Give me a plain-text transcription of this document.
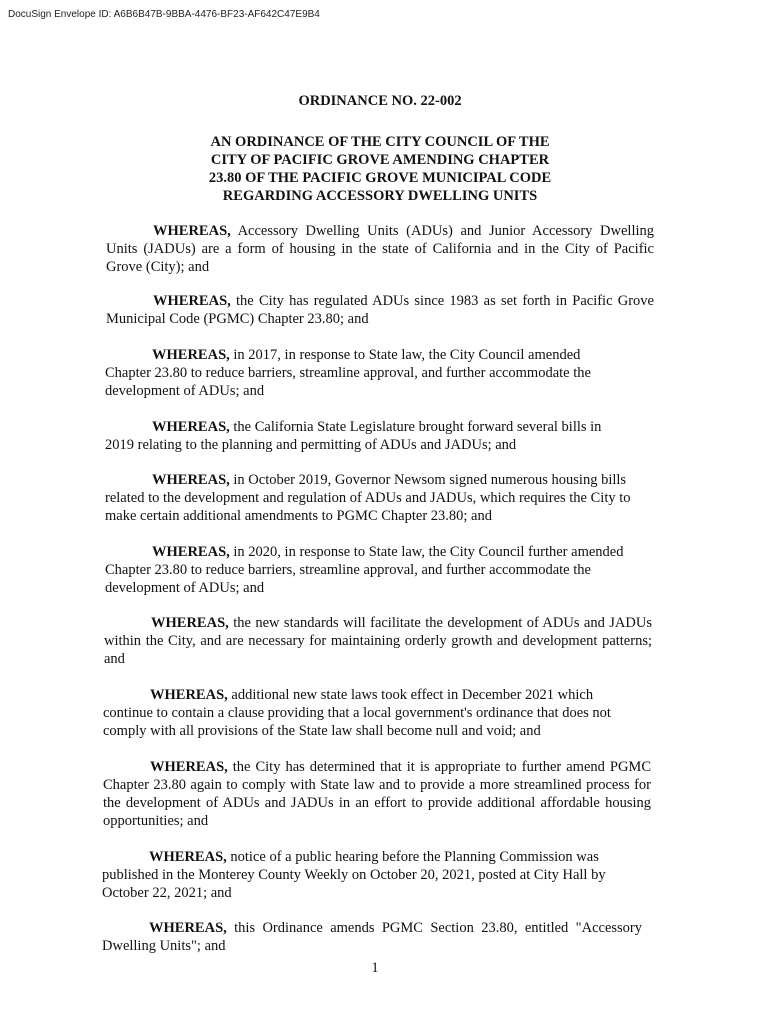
DocuSign Envelope ID: A6B6B47B-9BBA-4476-BF23-AF642C47E9B4
ORDINANCE NO. 22-002
AN ORDINANCE OF THE CITY COUNCIL OF THE
CITY OF PACIFIC GROVE AMENDING CHAPTER
23.80 OF THE PACIFIC GROVE MUNICIPAL CODE
REGARDING ACCESSORY DWELLING UNITS
WHEREAS, Accessory Dwelling Units (ADUs) and Junior Accessory Dwelling Units (JADUs) are a form of housing in the state of California and in the City of Pacific Grove (City); and
WHEREAS, the City has regulated ADUs since 1983 as set forth in Pacific Grove Municipal Code (PGMC) Chapter 23.80; and
WHEREAS, in 2017, in response to State law, the City Council amended Chapter 23.80 to reduce barriers, streamline approval, and further accommodate the development of ADUs; and
WHEREAS, the California State Legislature brought forward several bills in 2019 relating to the planning and permitting of ADUs and JADUs; and
WHEREAS, in October 2019, Governor Newsom signed numerous housing bills related to the development and regulation of ADUs and JADUs, which requires the City to make certain additional amendments to PGMC Chapter 23.80; and
WHEREAS, in 2020, in response to State law, the City Council further amended Chapter 23.80 to reduce barriers, streamline approval, and further accommodate the development of ADUs; and
WHEREAS, the new standards will facilitate the development of ADUs and JADUs within the City, and are necessary for maintaining orderly growth and development patterns; and
WHEREAS, additional new state laws took effect in December 2021 which continue to contain a clause providing that a local government's ordinance that does not comply with all provisions of the State law shall become null and void; and
WHEREAS, the City has determined that it is appropriate to further amend PGMC Chapter 23.80 again to comply with State law and to provide a more streamlined process for the development of ADUs and JADUs in an effort to provide additional affordable housing opportunities; and
WHEREAS, notice of a public hearing before the Planning Commission was published in the Monterey County Weekly on October 20, 2021, posted at City Hall by October 22, 2021; and
WHEREAS, this Ordinance amends PGMC Section 23.80, entitled "Accessory Dwelling Units"; and
1
